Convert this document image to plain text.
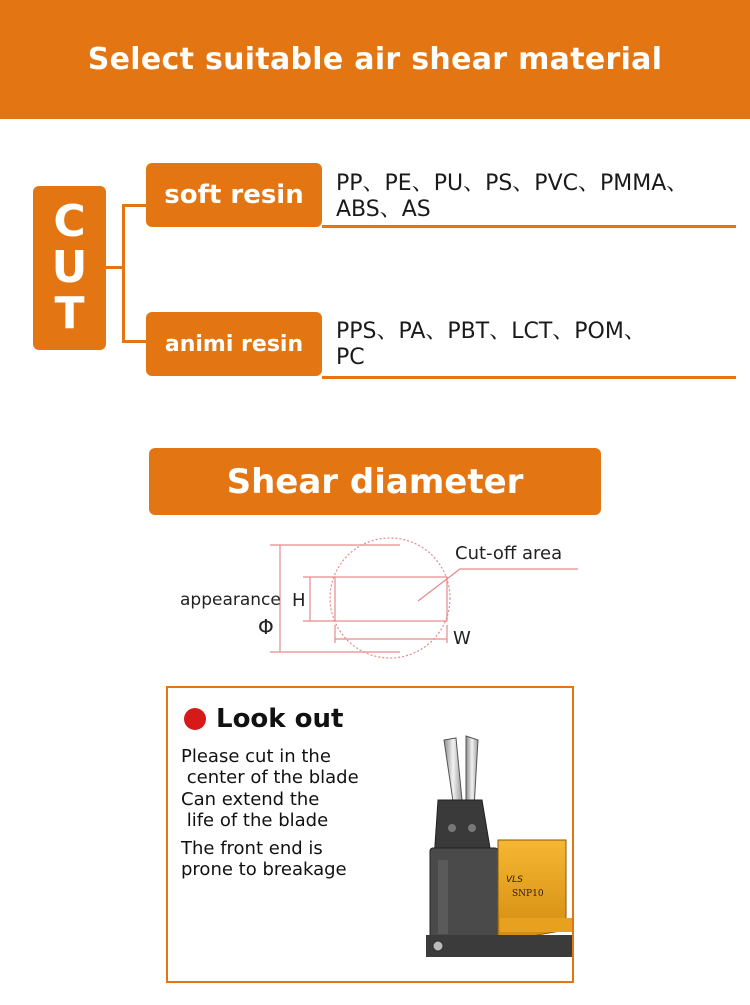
Select suitable air shear material
C
U
T
soft resin PP、PE、PU、PS、PVC、PMMA、
ABS、AS
animi resin PPS、PA、PBT、LCT、POM、
PC
Shear diameter
Cut-off area
appearance
Φ
H
W
Look out
Please cut in the
center of the blade
Can extend the
life of the blade
The front end is
prone to breakage	VLS
SNP10
